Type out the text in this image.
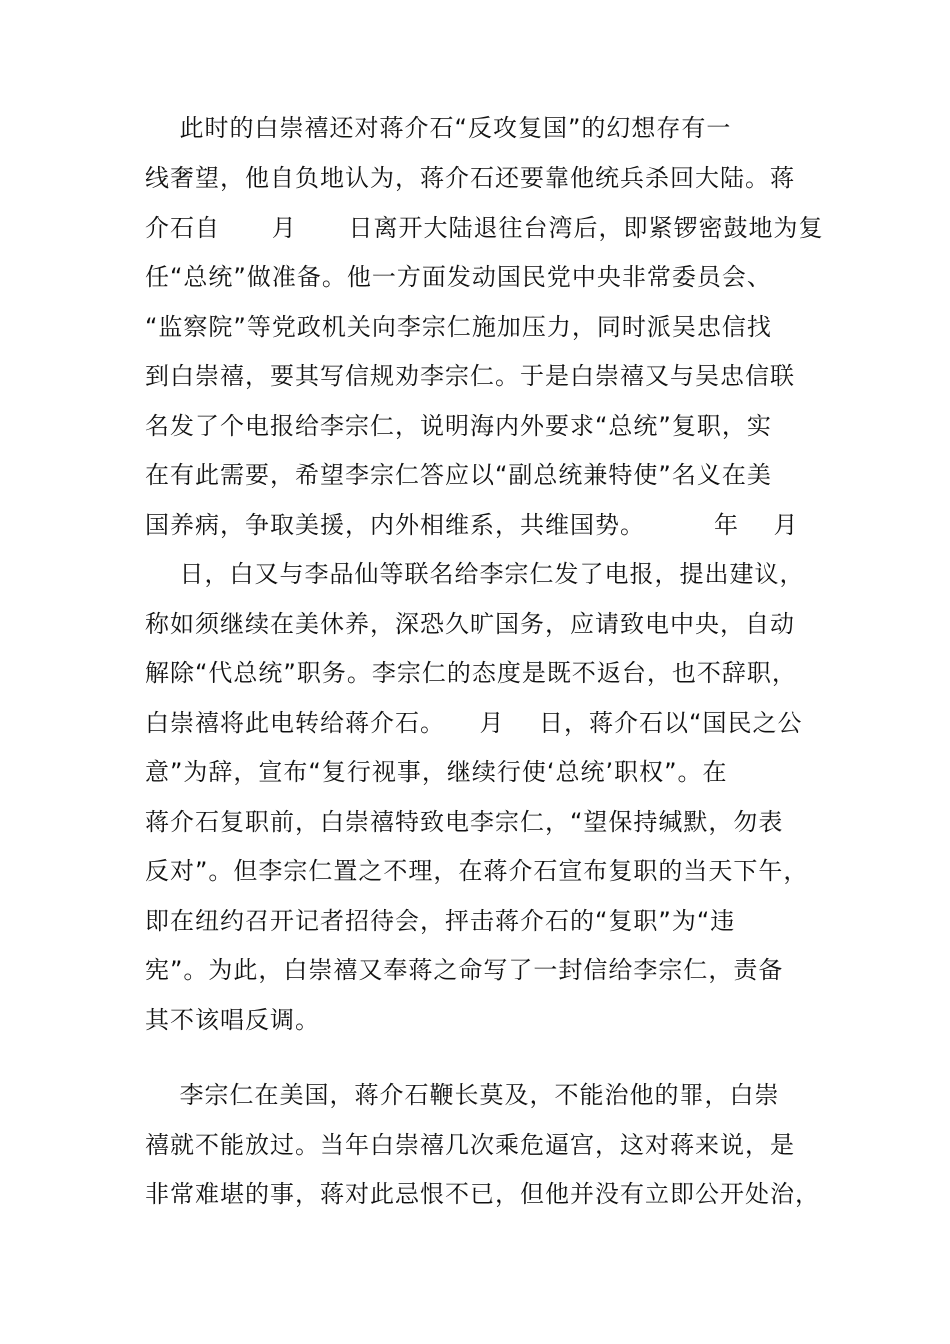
此时的白崇禧还对蒋介石“反攻复国”的幻想存有一

线奢望，他自负地认为，蒋介石还要靠他统兵杀回大陆。蒋

介石自      月      日离开大陆退往台湾后，即紧锣密鼓地为复

任“总统”做准备。他一方面发动国民党中央非常委员会、

“监察院”等党政机关向李宗仁施加压力，同时派吴忠信找

到白崇禧，要其写信规劝李宗仁。于是白崇禧又与吴忠信联

名发了个电报给李宗仁，说明海内外要求“总统”复职，实

在有此需要，希望李宗仁答应以“副总统兼特使”名义在美

国养病，争取美援，内外相维系，共维国势。        年    月

日，白又与李品仙等联名给李宗仁发了电报，提出建议，

称如须继续在美休养，深恐久旷国务，应请致电中央，自动

解除“代总统”职务。李宗仁的态度是既不返台，也不辞职，

白崇禧将此电转给蒋介石。    月    日，蒋介石以“国民之公

意”为辞，宣布“复行视事，继续行使‘总统’职权”。在

蒋介石复职前，白崇禧特致电李宗仁，“望保持缄默，勿表

反对”。但李宗仁置之不理，在蒋介石宣布复职的当天下午，

即在纽约召开记者招待会，抨击蒋介石的“复职”为“违

宪”。为此，白崇禧又奉蒋之命写了一封信给李宗仁，责备

其不该唱反调。

李宗仁在美国，蒋介石鞭长莫及，不能治他的罪，白崇

禧就不能放过。当年白崇禧几次乘危逼宫，这对蒋来说，是

非常难堪的事，蒋对此忌恨不已，但他并没有立即公开处治，
